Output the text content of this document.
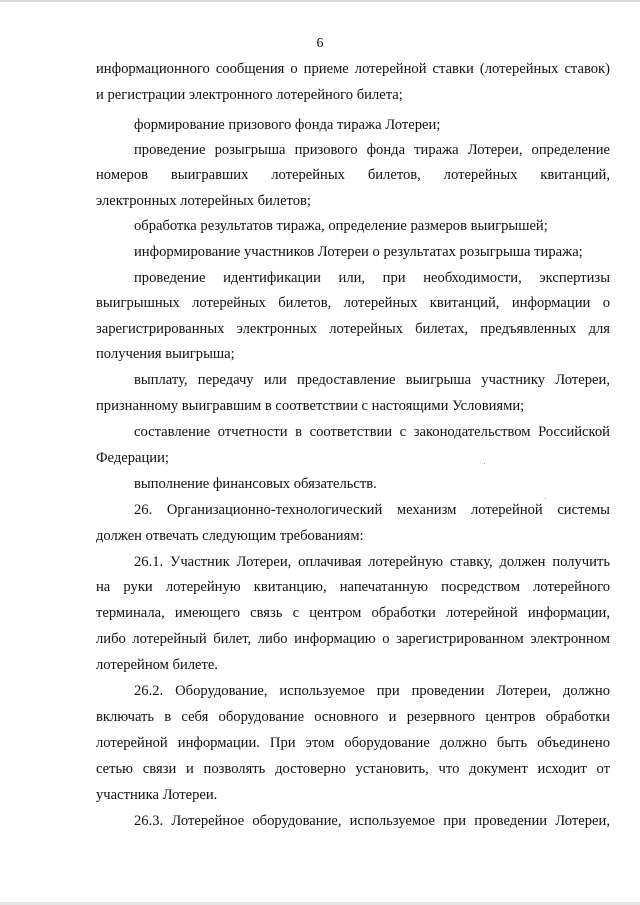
6
информационного сообщения о приеме лотерейной ставки (лотерейных ставок)
и регистрации электронного лотерейного билета;
формирование призового фонда тиража Лотереи;
проведение розыгрыша призового фонда тиража Лотереи, определение
номеров выигравших лотерейных билетов, лотерейных квитанций,
электронных лотерейных билетов;
обработка результатов тиража, определение размеров выигрышей;
информирование участников Лотереи о результатах розыгрыша тиража;
проведение идентификации или, при необходимости, экспертизы
выигрышных лотерейных билетов, лотерейных квитанций, информации о
зарегистрированных электронных лотерейных билетах, предъявленных для
получения выигрыша;
выплату, передачу или предоставление выигрыша участнику Лотереи,
признанному выигравшим в соответствии с настоящими Условиями;
составление отчетности в соответствии с законодательством Российской
Федерации;
выполнение финансовых обязательств.
26. Организационно-технологический механизм лотерейной системы
должен отвечать следующим требованиям:
26.1. Участник Лотереи, оплачивая лотерейную ставку, должен получить
на руки лотерейную квитанцию, напечатанную посредством лотерейного
терминала, имеющего связь с центром обработки лотерейной информации,
либо лотерейный билет, либо информацию о зарегистрированном электронном
лотерейном билете.
26.2. Оборудование, используемое при проведении Лотереи, должно
включать в себя оборудование основного и резервного центров обработки
лотерейной информации. При этом оборудование должно быть объединено
сетью связи и позволять достоверно установить, что документ исходит от
участника Лотереи.
26.3. Лотерейное оборудование, используемое при проведении Лотереи,
